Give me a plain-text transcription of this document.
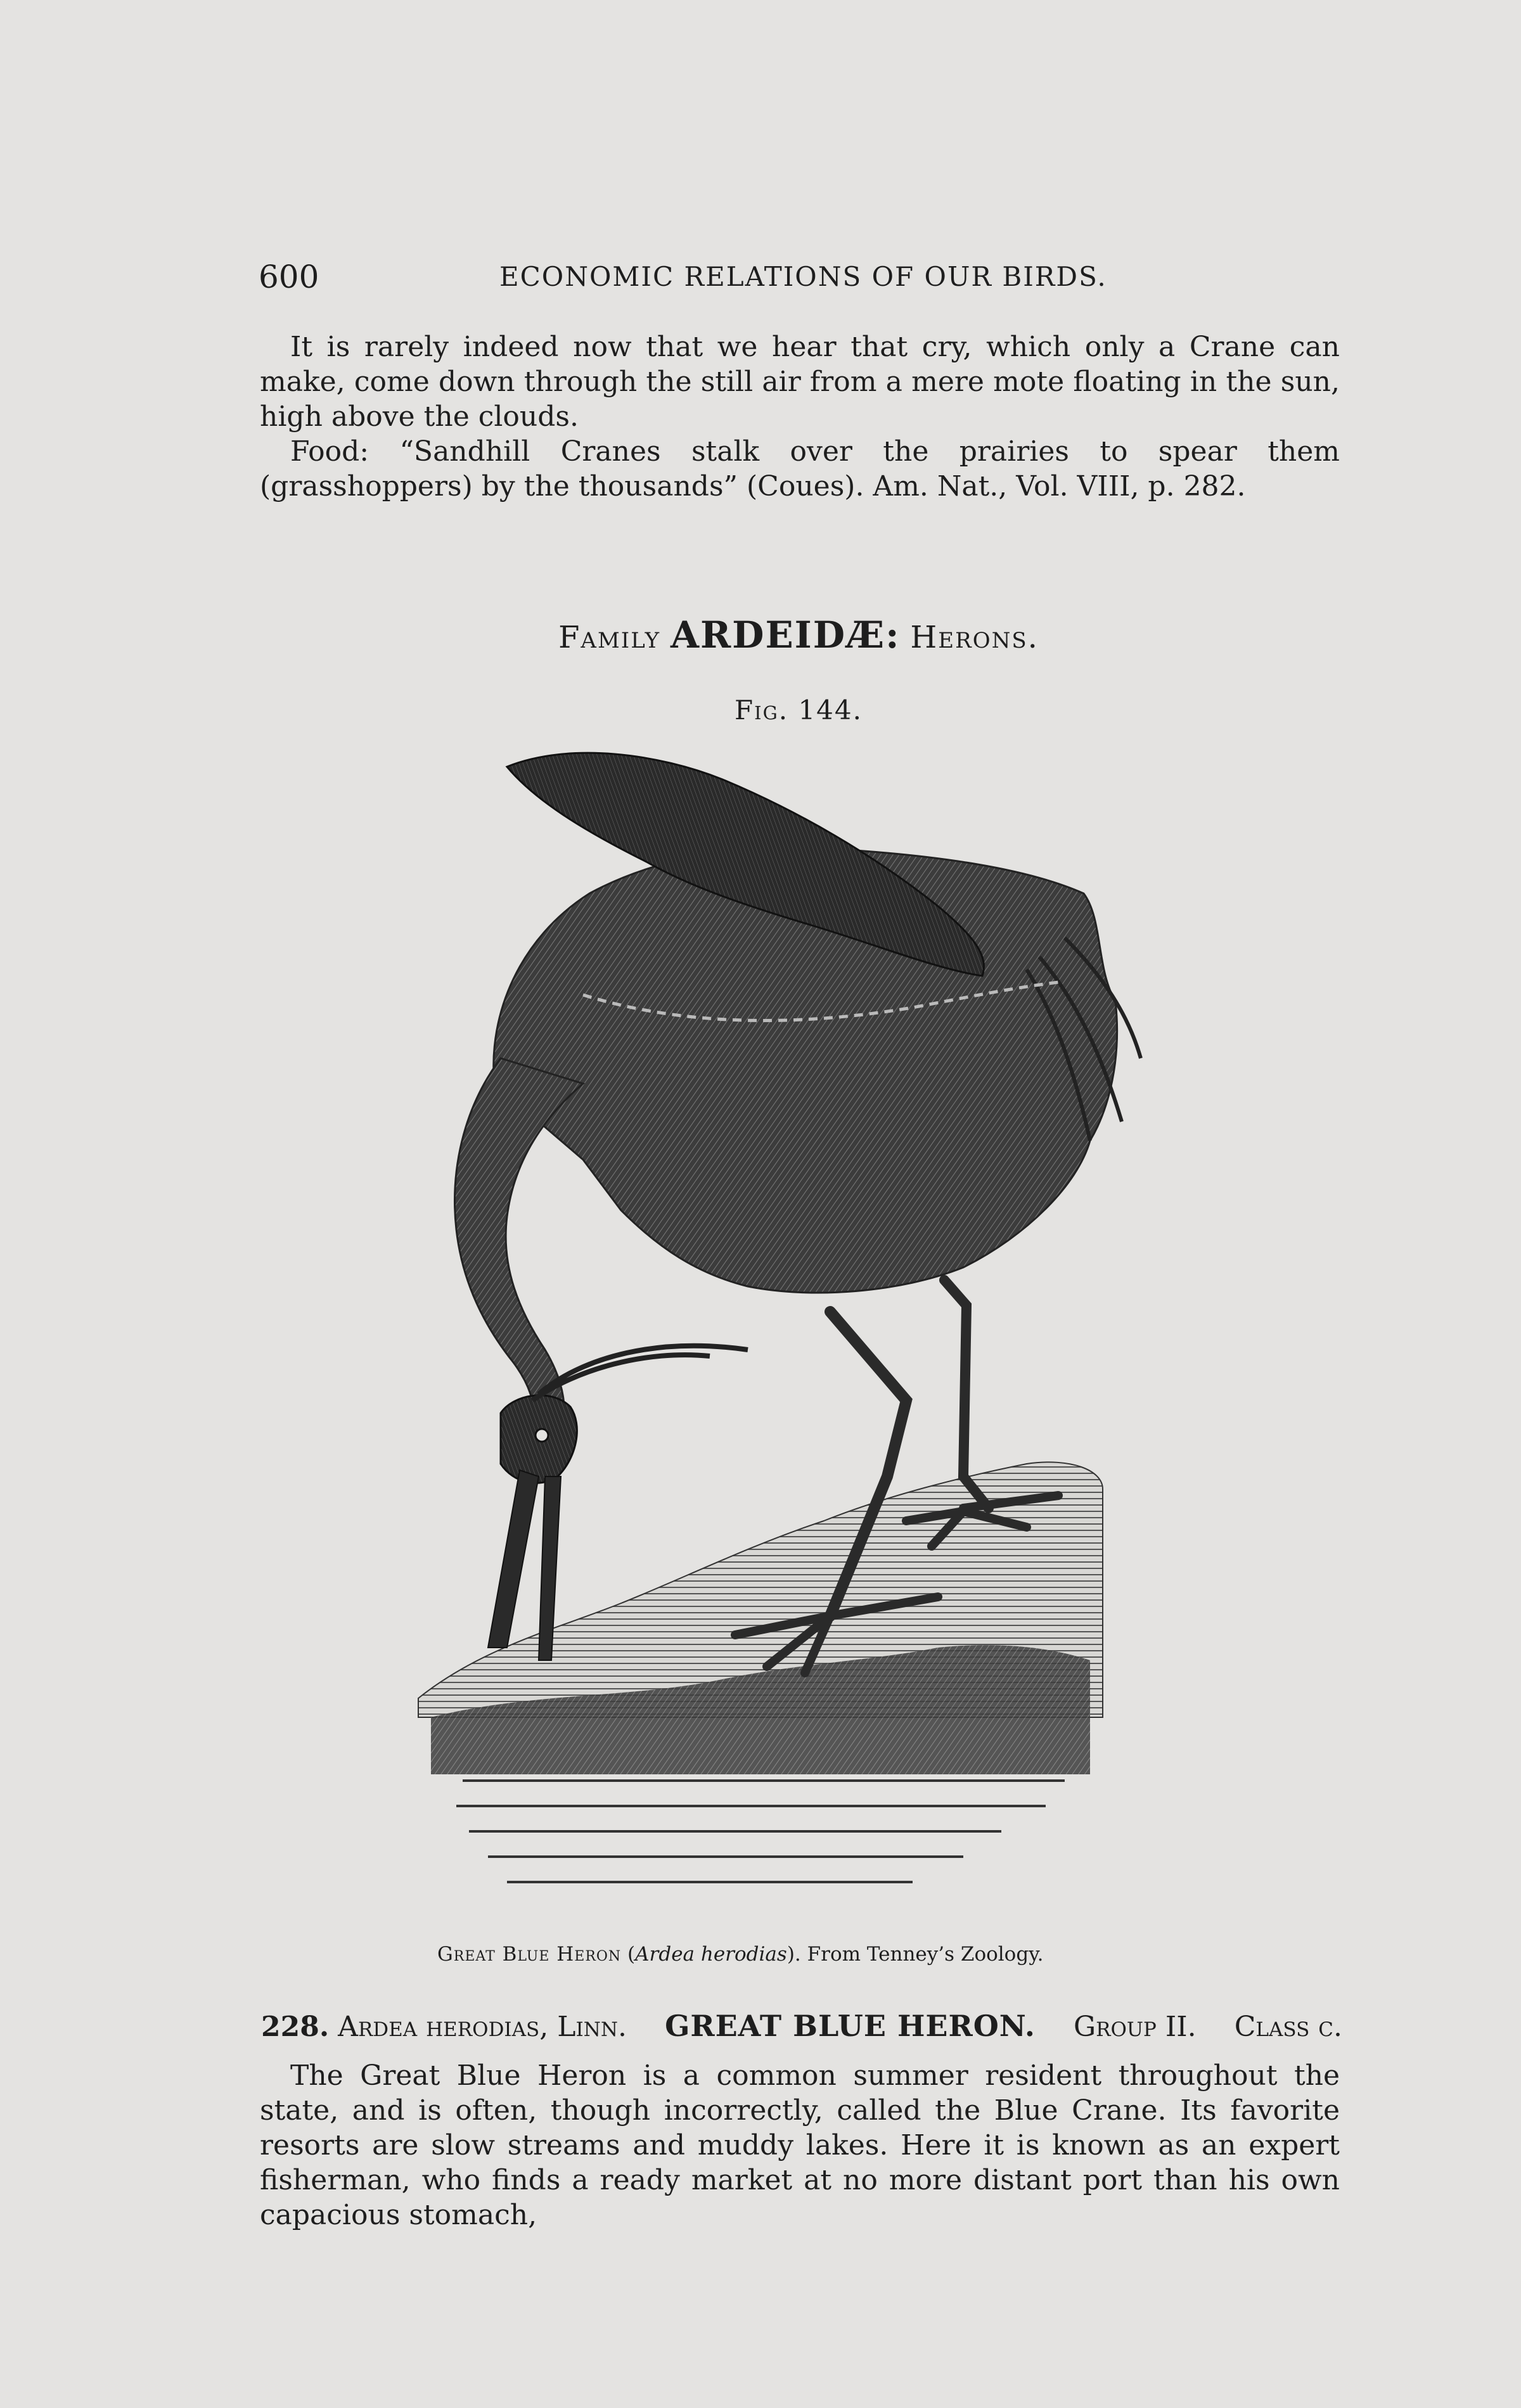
600	ECONOMIC RELATIONS OF OUR BIRDS.

It is rarely indeed now that we hear that cry, which only a Crane can make, come down through the still air from a mere mote floating in the sun, high above the clouds.

Food: “Sandhill Cranes stalk over the prairies to spear them (grasshoppers) by the thousands” (Coues). Am. Nat., Vol. VIII, p. 282.

Family ARDEIDÆ: Herons.
Fig. 144.
Great Blue Heron (Ardea herodias). From Tenney’s Zoology.
228. Ardea herodias, Linn. GREAT BLUE HERON. Group II. Class c.

The Great Blue Heron is a common summer resident throughout the state, and is often, though incorrectly, called the Blue Crane. Its favorite resorts are slow streams and muddy lakes. Here it is known as an expert fisherman, who finds a ready market at no more distant port than his own capacious stomach,
